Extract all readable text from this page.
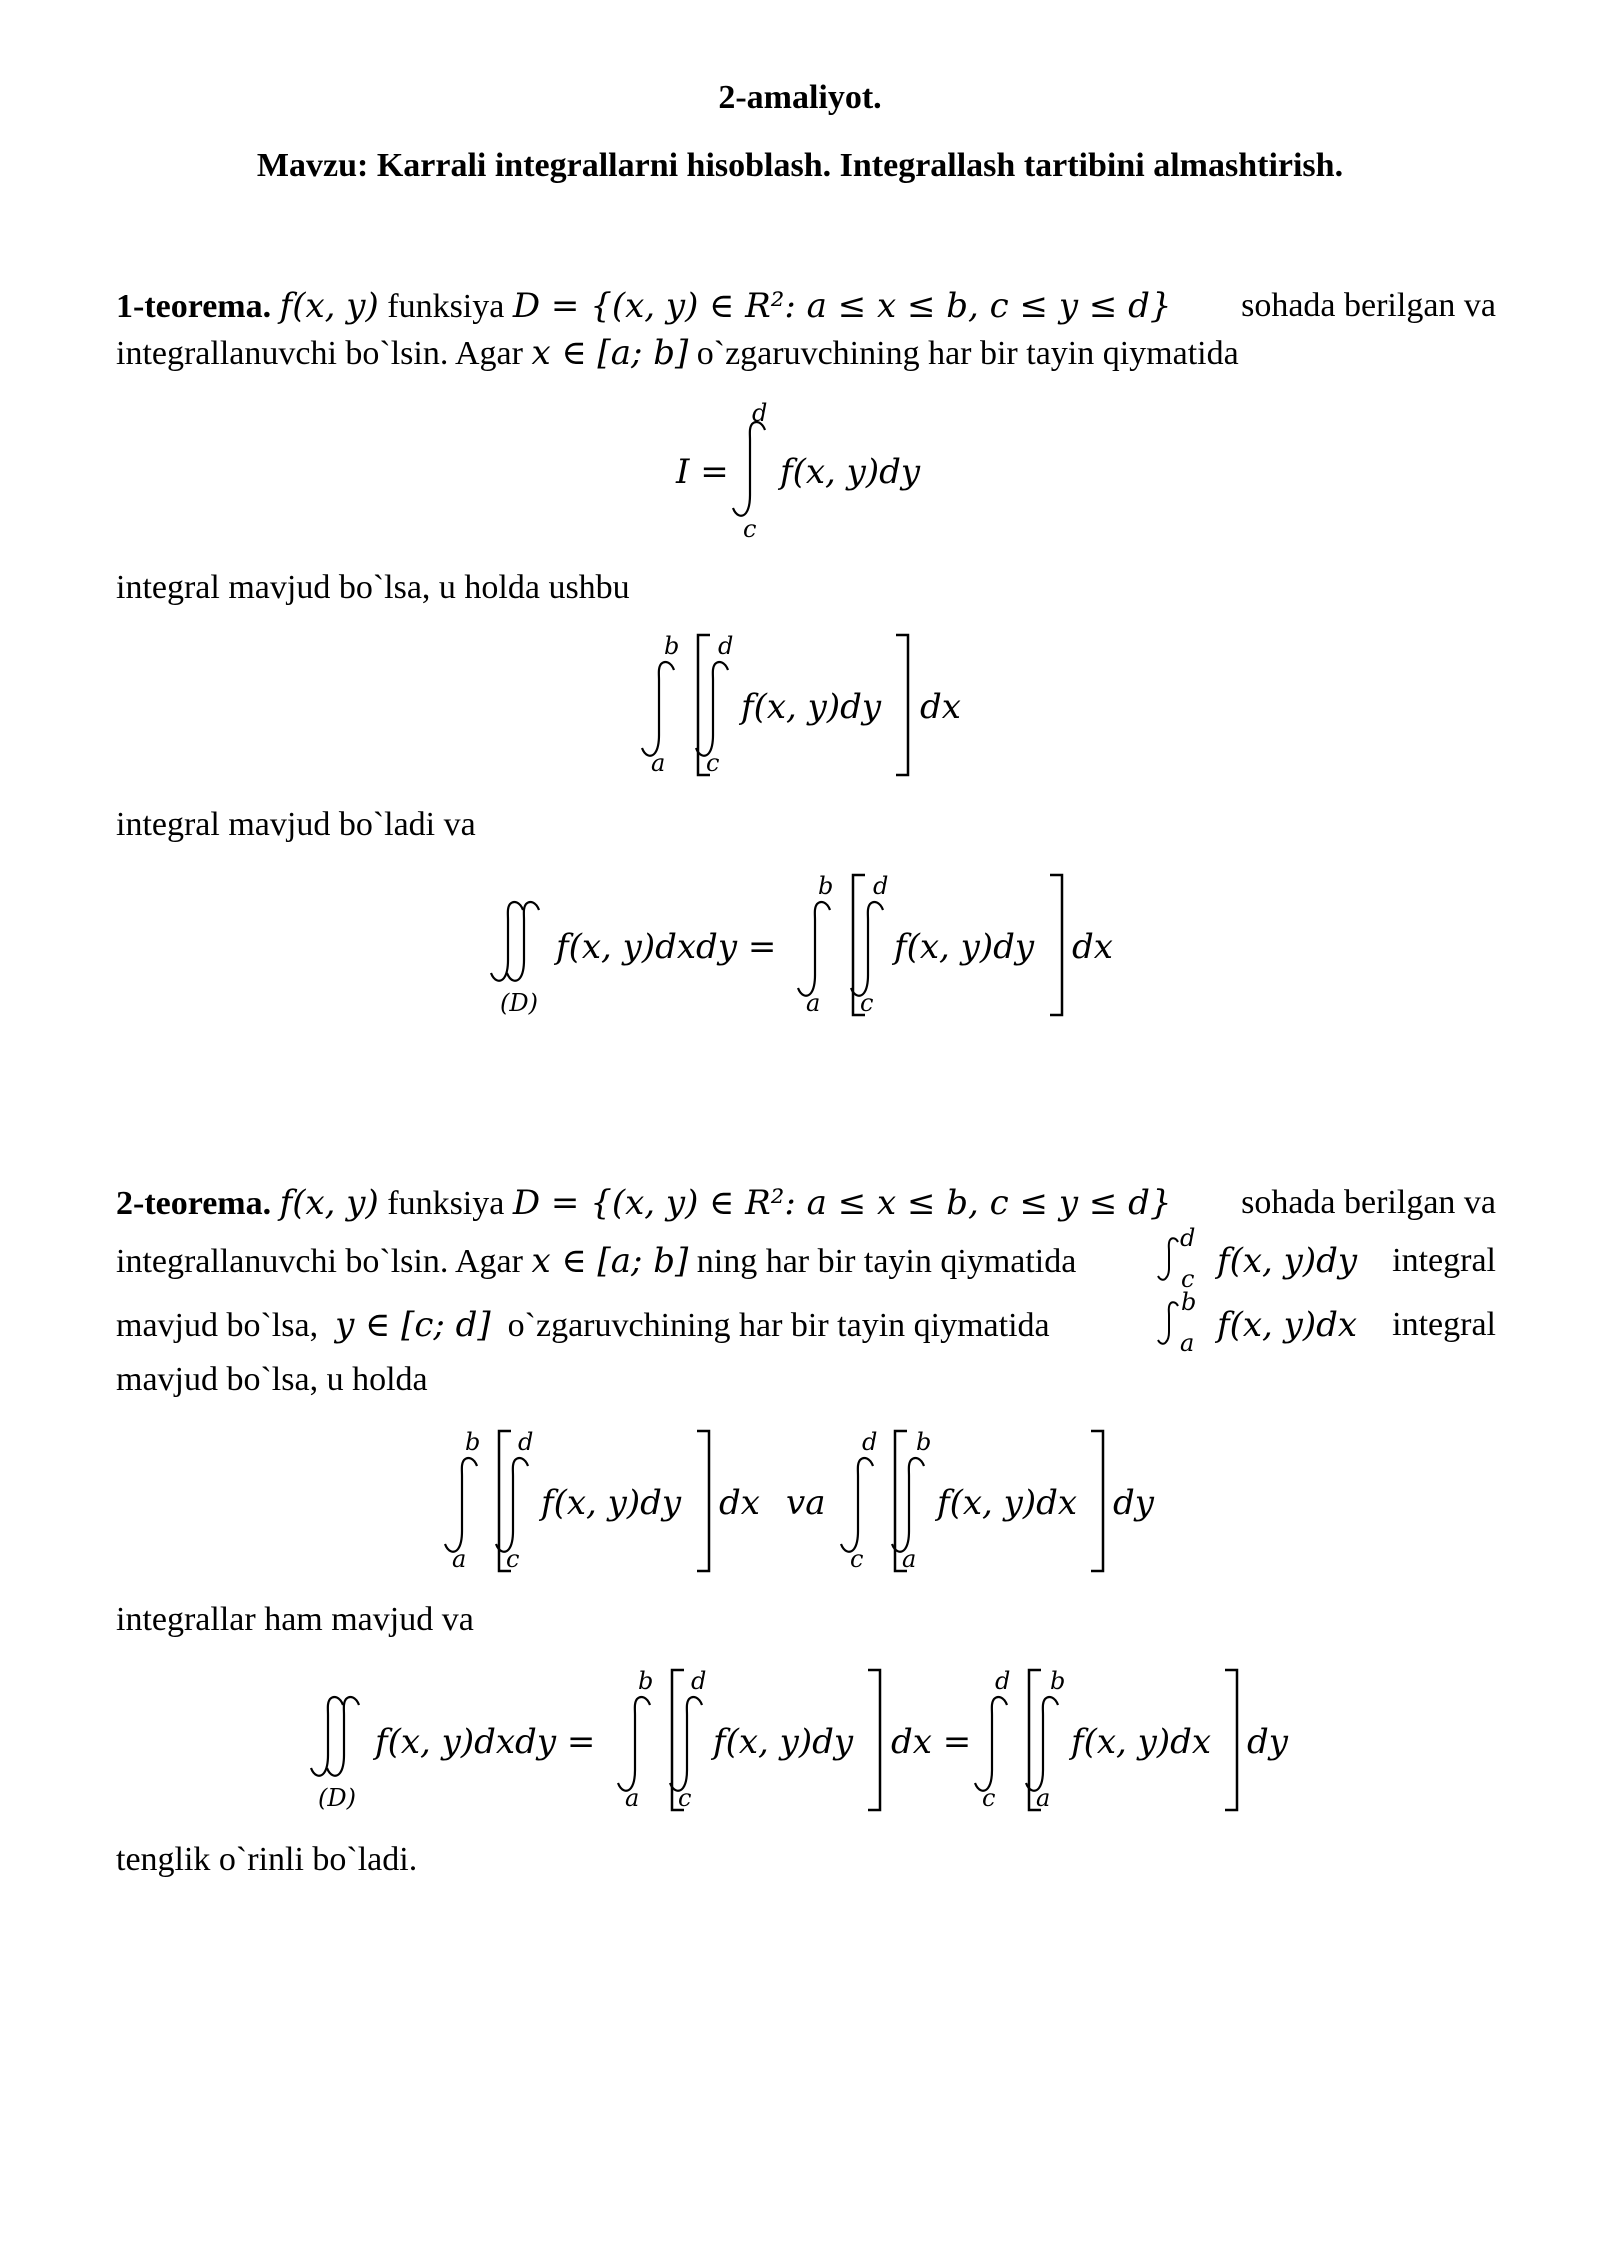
2-amaliyot.
Mavzu: Karrali integrallarni hisoblash. Integrallash tartibini almashtirish.
1-teorema. f(x, y) funksiya D = {(x, y) ∈ R²: a ≤ x ≤ b, c ≤ y ≤ d} sohada berilgan va
integrallanuvchi bo`lsin. Agar x ∈ [a; b] o`zgaruvchining har bir tayin qiymatida
I =
d
c
f(x, y)dy
b
a
d
c
f(x, y)dy dx
(D)
f(x, y)dxdy =
b
a
d
c
f(x, y)dy dx
d
c
b
a
b
a
d
c
f(x, y)dy dx va
d
c
b
a
f(x, y)dx dy
(D)
f(x, y)dxdy =
b
a
d
c
f(x, y)dy dx =
d
c
b
a
f(x, y)dx dy
integral mavjud bo`lsa, u holda ushbu
integral mavjud bo`ladi va
2-teorema. f(x, y) funksiya D = {(x, y) ∈ R²: a ≤ x ≤ b, c ≤ y ≤ d} sohada berilgan va
integrallanuvchi bo`lsin. Agar x ∈ [a; b] ning har bir tayin qiymatida	f(x, y)dy integral
mavjud bo`lsa, y ∈ [c; d] o`zgaruvchining har bir tayin qiymatida	f(x, y)dx integral
mavjud bo`lsa, u holda
integrallar ham mavjud va
tenglik o`rinli bo`ladi.
